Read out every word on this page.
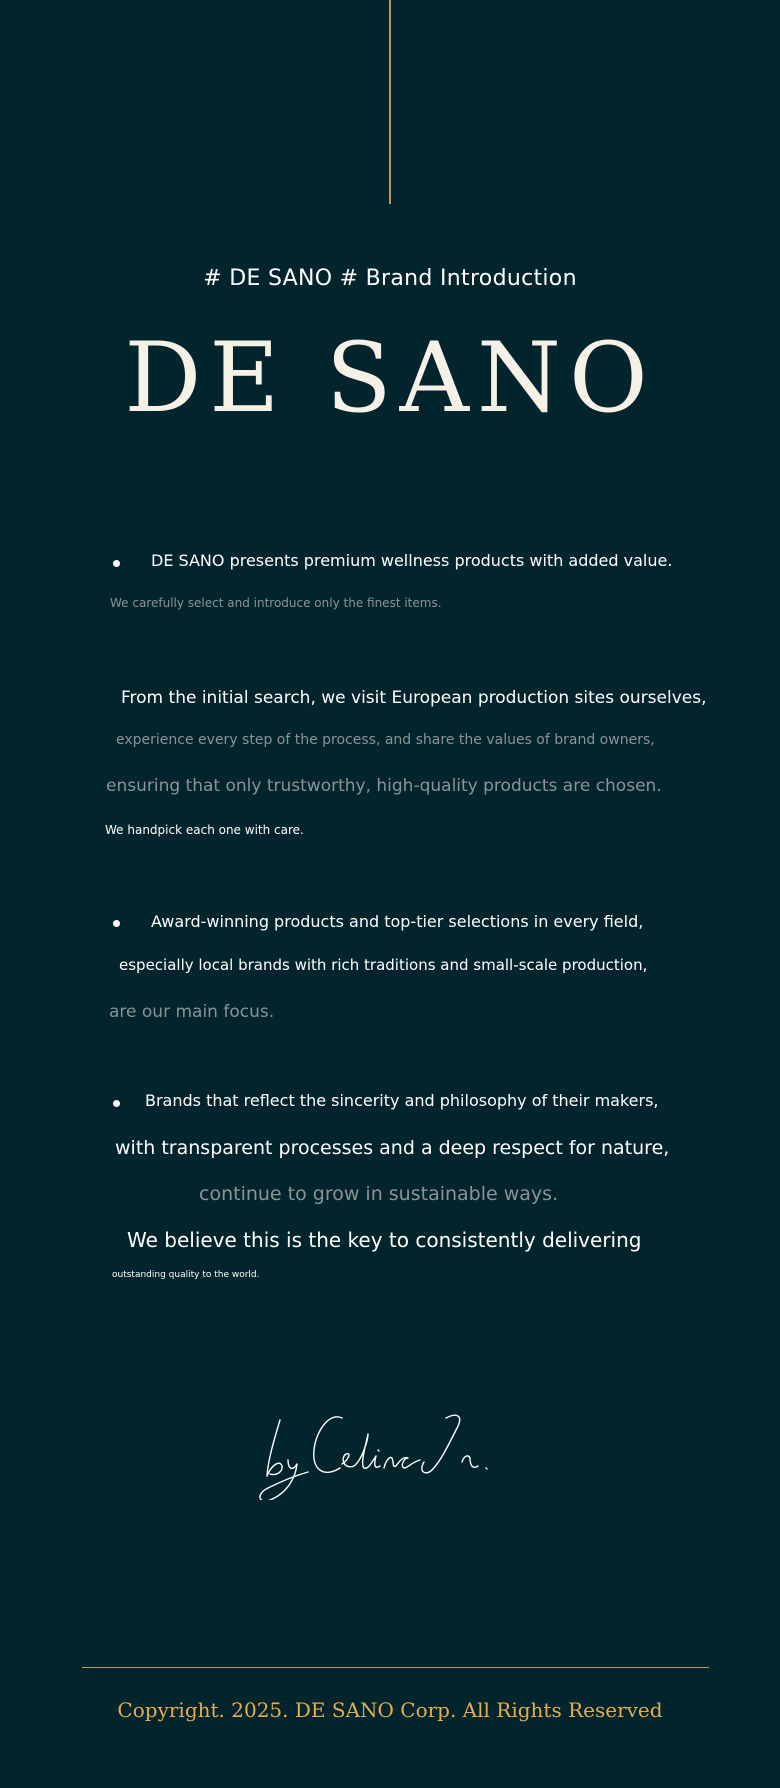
# DE SANO # Brand Introduction
DE SANO
DE SANO presents premium wellness products with added value.
We carefully select and introduce only the finest items.
From the initial search, we visit European production sites ourselves,
experience every step of the process, and share the values of brand owners,
ensuring that only trustworthy, high-quality products are chosen.
We handpick each one with care.
Award-winning products and top-tier selections in every field,
especially local brands with rich traditions and small-scale production,
are our main focus.
Brands that reflect the sincerity and philosophy of their makers,
with transparent processes and a deep respect for nature,
continue to grow in sustainable ways.
We believe this is the key to consistently delivering
outstanding quality to the world.
Copyright. 2025. DE SANO Corp. All Rights Reserved
